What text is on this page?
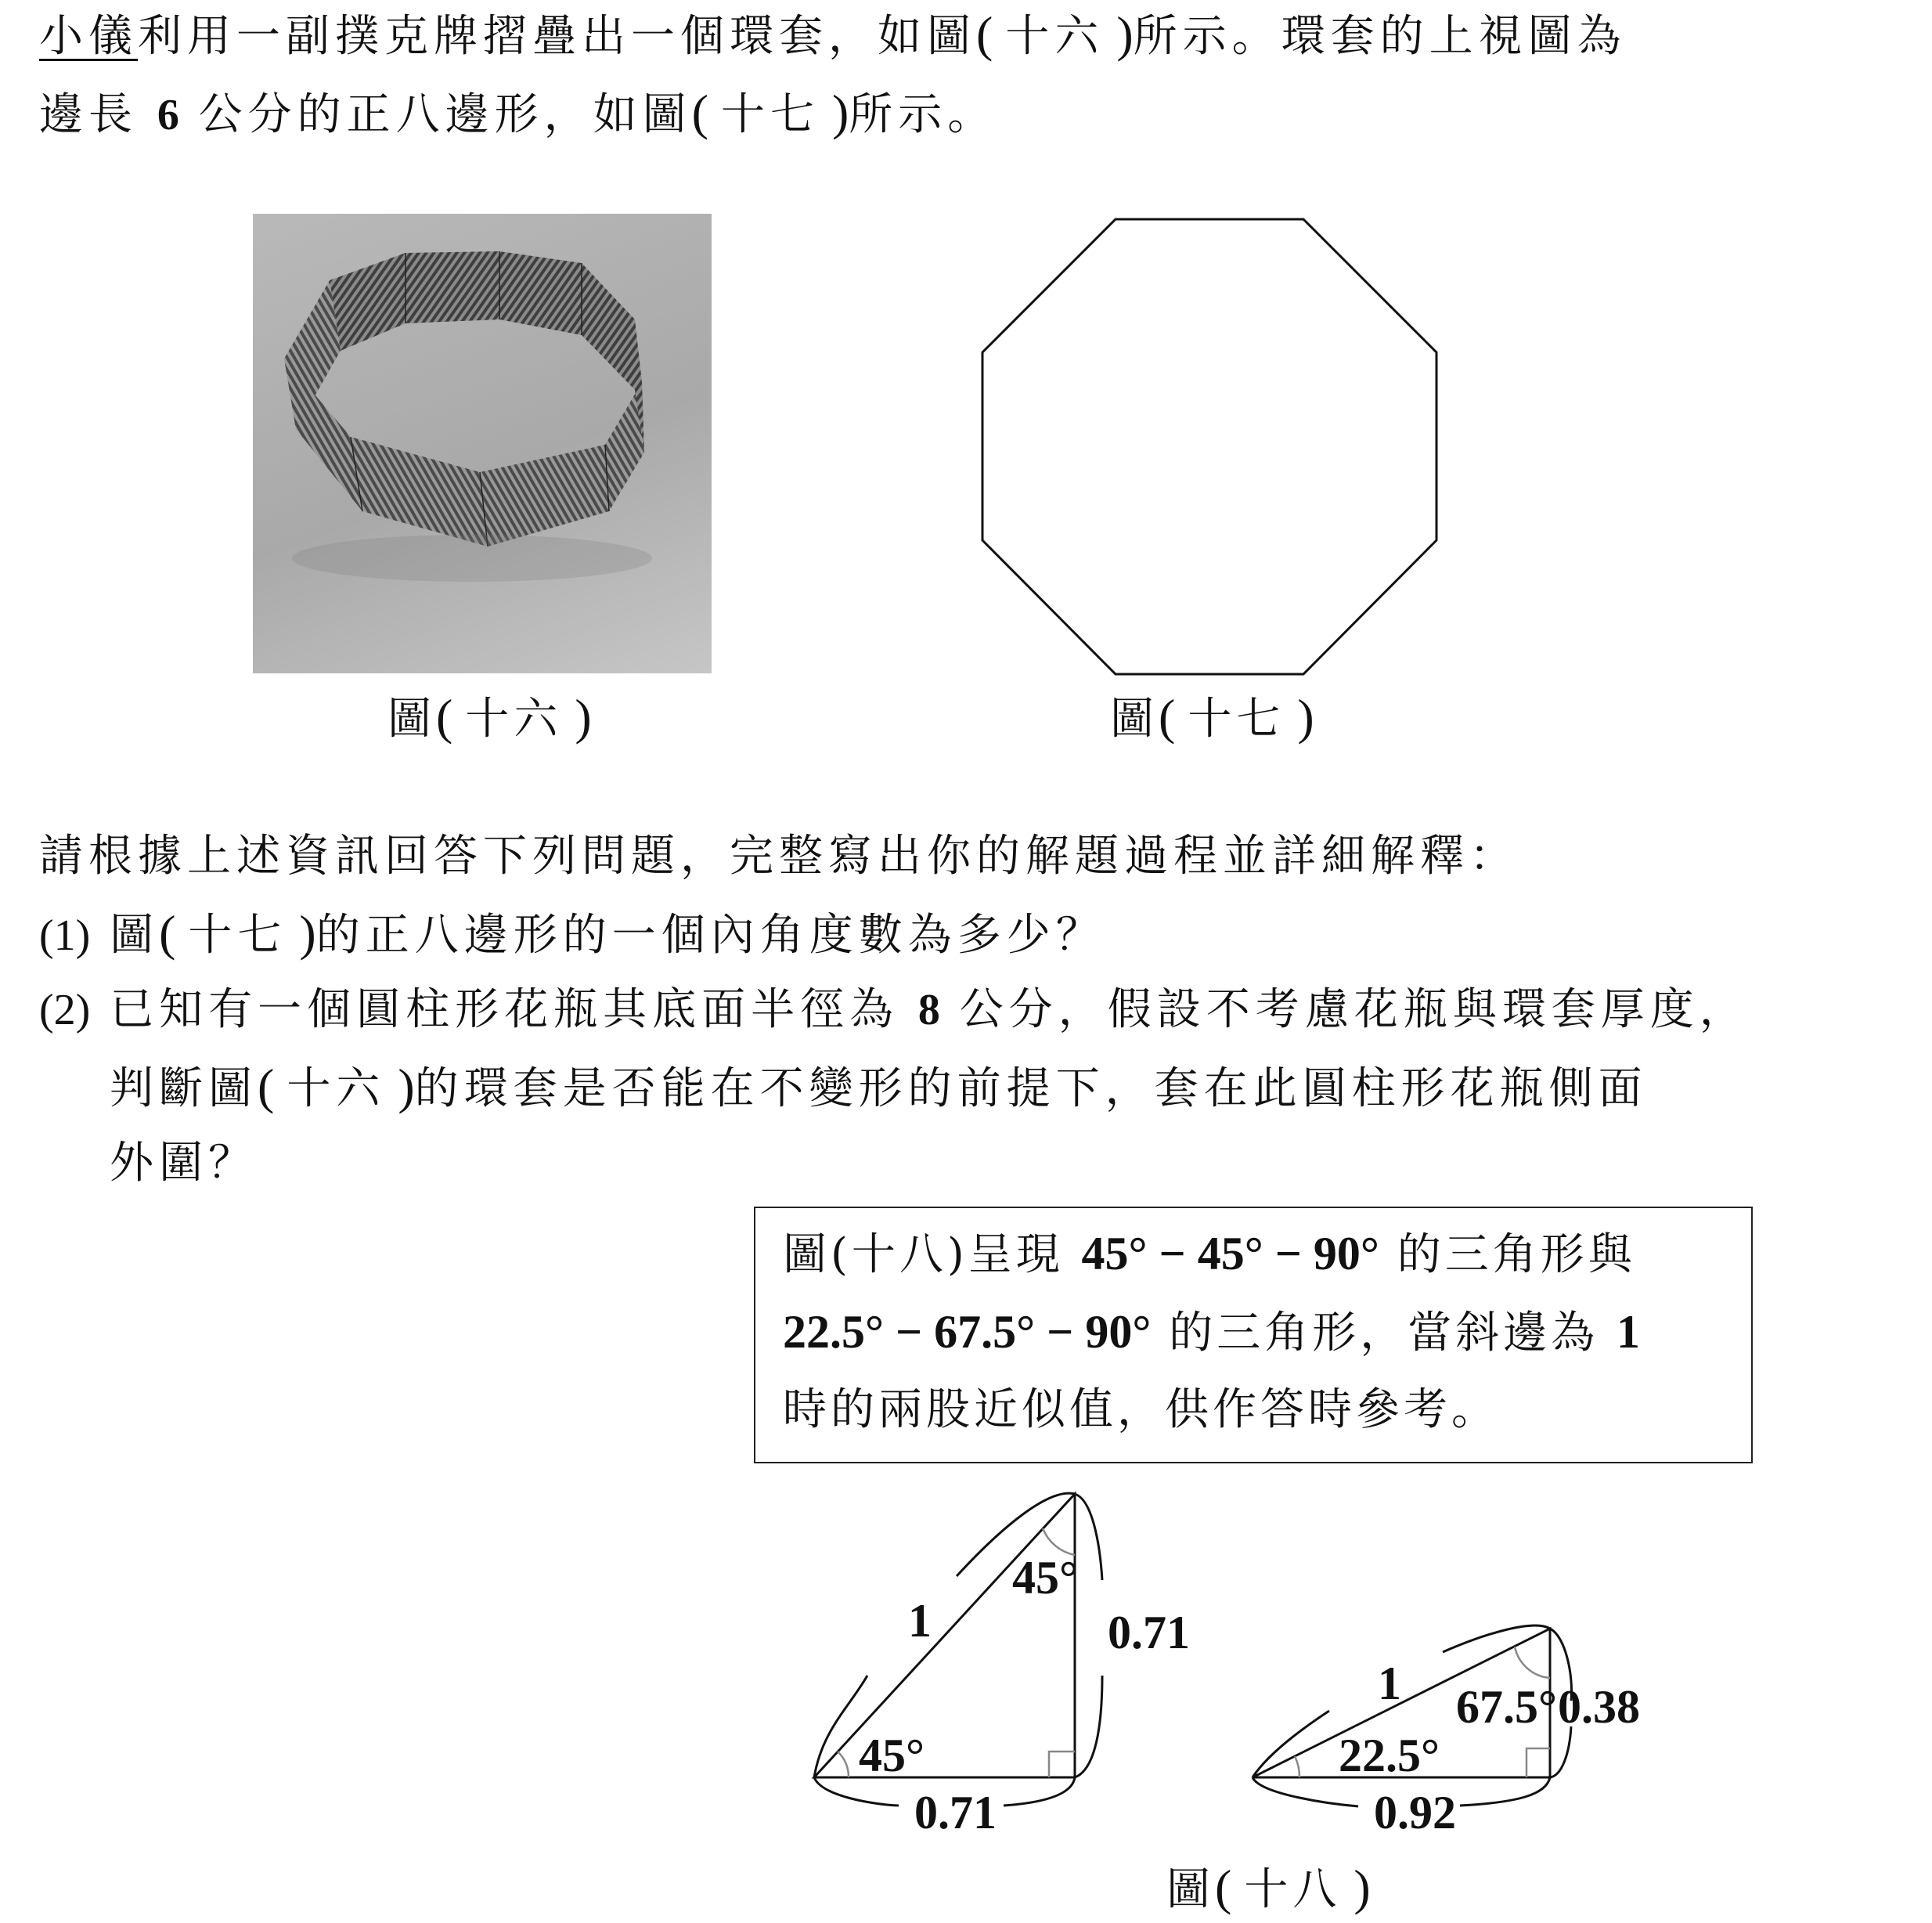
小儀利用一副撲克牌摺疊出一個環套，如圖( 十六 )所示。環套的上視圖為
邊長 6 公分的正八邊形，如圖( 十七 )所示。
圖( 十六 )	圖( 十七 )
請根據上述資訊回答下列問題，完整寫出你的解題過程並詳細解釋：
(1) 圖( 十七 )的正八邊形的一個內角度數為多少？
(2) 已知有一個圓柱形花瓶其底面半徑為 8 公分，假設不考慮花瓶與環套厚度，
判斷圖( 十六 )的環套是否能在不變形的前提下，套在此圓柱形花瓶側面
外圍？
圖(十八)呈現 45° − 45° − 90° 的三角形與
22.5° − 67.5° − 90° 的三角形，當斜邊為 1
時的兩股近似值，供作答時參考。
1
45°
45°
0.71
0.71
1 67.5°
22.5°
0.38
0.92
圖( 十八 )
